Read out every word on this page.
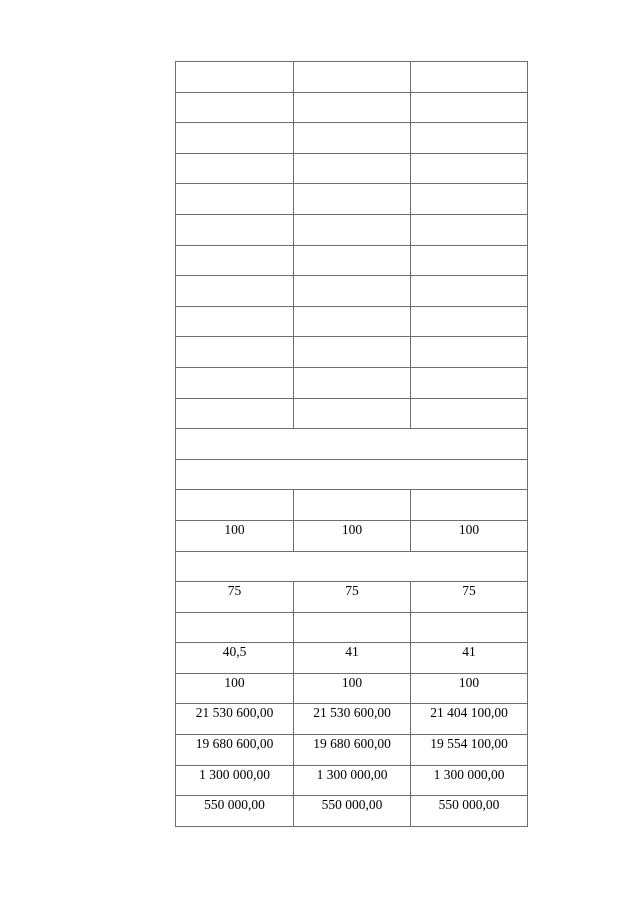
100	100	100

75	75	75

40,5	41	41

100	100	100

21 530 600,00	21 530 600,00	21 404 100,00

19 680 600,00	19 680 600,00	19 554 100,00

1 300 000,00	1 300 000,00	1 300 000,00

550 000,00	550 000,00	550 000,00
